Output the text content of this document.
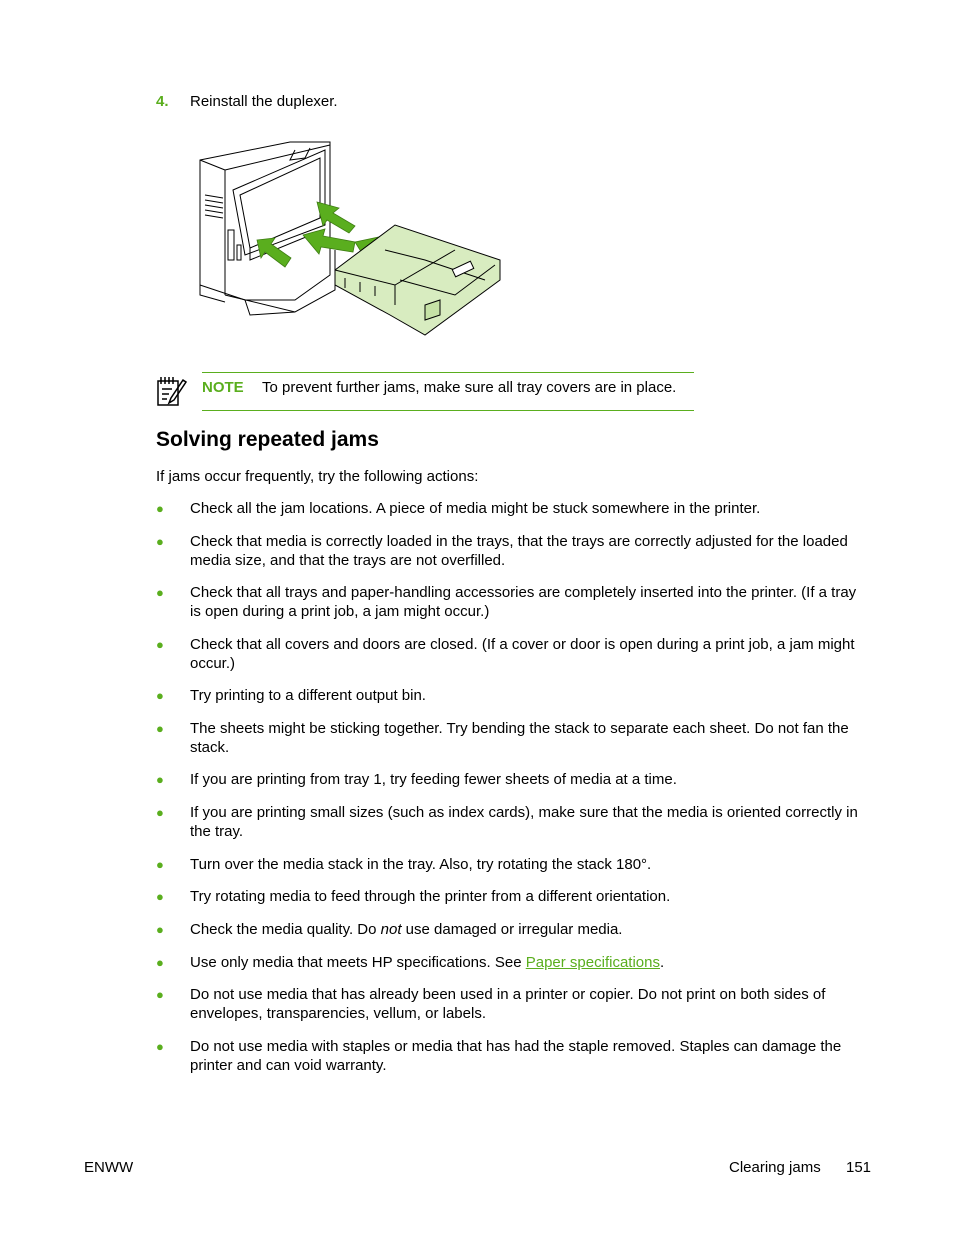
4. Reinstall the duplexer.
NOTE To prevent further jams, make sure all tray covers are in place.
Solving repeated jams
If jams occur frequently, try the following actions:
● Check all the jam locations. A piece of media might be stuck somewhere in the printer.
● Check that media is correctly loaded in the trays, that the trays are correctly adjusted for the loaded media size, and that the trays are not overfilled.
● Check that all trays and paper-handling accessories are completely inserted into the printer. (If a tray is open during a print job, a jam might occur.)
● Check that all covers and doors are closed. (If a cover or door is open during a print job, a jam might occur.)
● Try printing to a different output bin.
● The sheets might be sticking together. Try bending the stack to separate each sheet. Do not fan the stack.
● If you are printing from tray 1, try feeding fewer sheets of media at a time.
● If you are printing small sizes (such as index cards), make sure that the media is oriented correctly in the tray.
● Turn over the media stack in the tray. Also, try rotating the stack 180°.
● Try rotating media to feed through the printer from a different orientation.
● Check the media quality. Do not use damaged or irregular media.
● Use only media that meets HP specifications. See Paper specifications.
● Do not use media that has already been used in a printer or copier. Do not print on both sides of envelopes, transparencies, vellum, or labels.
● Do not use media with staples or media that has had the staple removed. Staples can damage the printer and can void warranty.
ENWW	Clearing jams 151
